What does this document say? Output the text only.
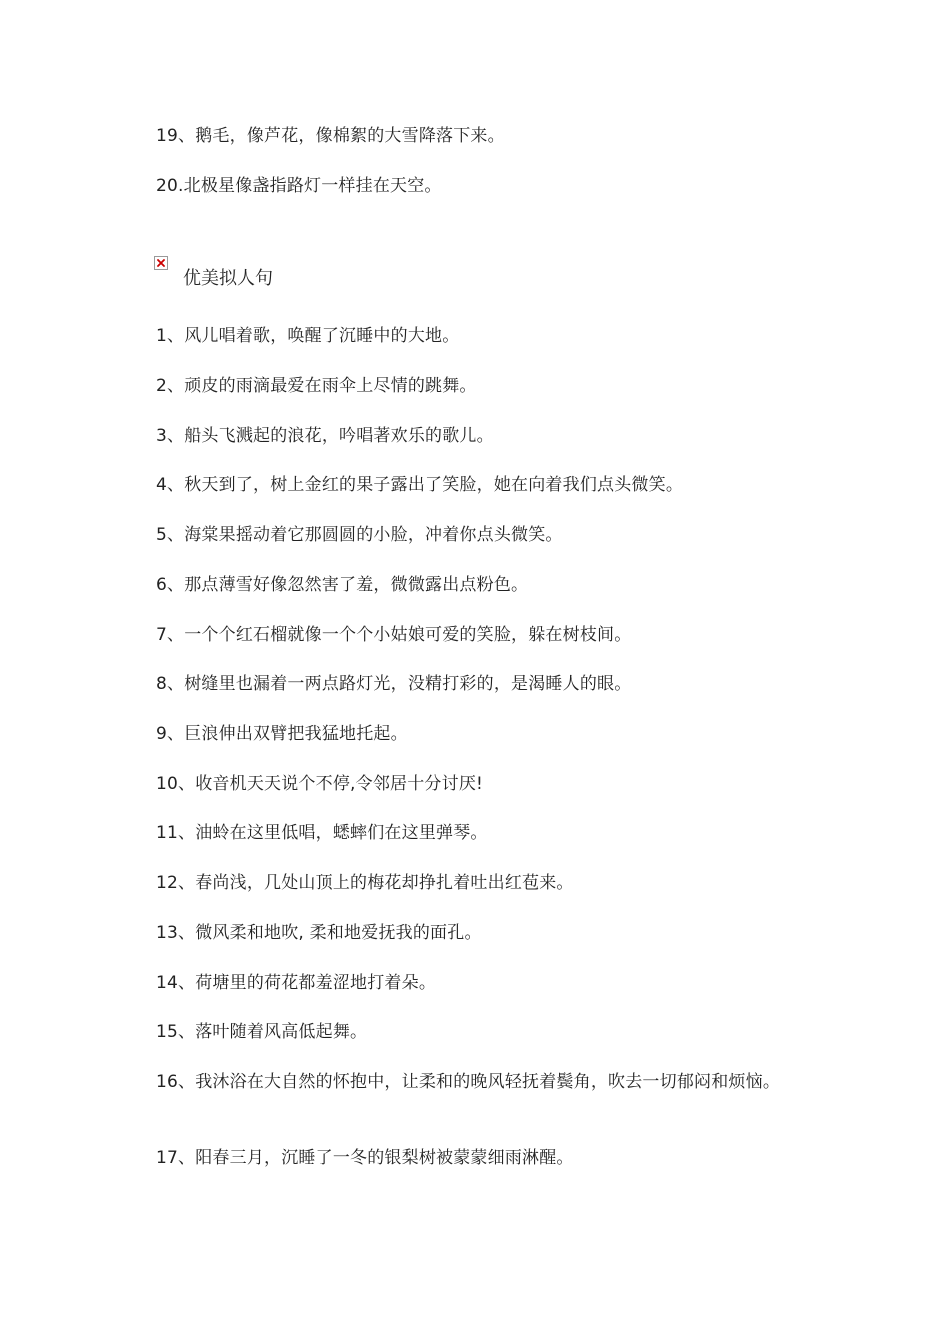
19、鹅毛，像芦花，像棉絮的大雪降落下来。
20.北极星像盏指路灯一样挂在天空。
优美拟人句
1、风儿唱着歌，唤醒了沉睡中的大地。
2、顽皮的雨滴最爱在雨伞上尽情的跳舞。
3、船头飞溅起的浪花，吟唱著欢乐的歌儿。
4、秋天到了，树上金红的果子露出了笑脸，她在向着我们点头微笑。
5、海棠果摇动着它那圆圆的小脸，冲着你点头微笑。
6、那点薄雪好像忽然害了羞，微微露出点粉色。
7、一个个红石榴就像一个个小姑娘可爱的笑脸，躲在树枝间。
8、树缝里也漏着一两点路灯光，没精打彩的，是渴睡人的眼。
9、巨浪伸出双臂把我猛地托起。
10、收音机天天说个不停,令邻居十分讨厌!
11、油蛉在这里低唱，蟋蟀们在这里弹琴。
12、春尚浅，几处山顶上的梅花却挣扎着吐出红苞来。
13、微风柔和地吹, 柔和地爱抚我的面孔。
14、荷塘里的荷花都羞涩地打着朵。
15、落叶随着风高低起舞。
16、我沐浴在大自然的怀抱中，让柔和的晚风轻抚着鬓角，吹去一切郁闷和烦恼。
17、阳春三月，沉睡了一冬的银梨树被蒙蒙细雨淋醒。
